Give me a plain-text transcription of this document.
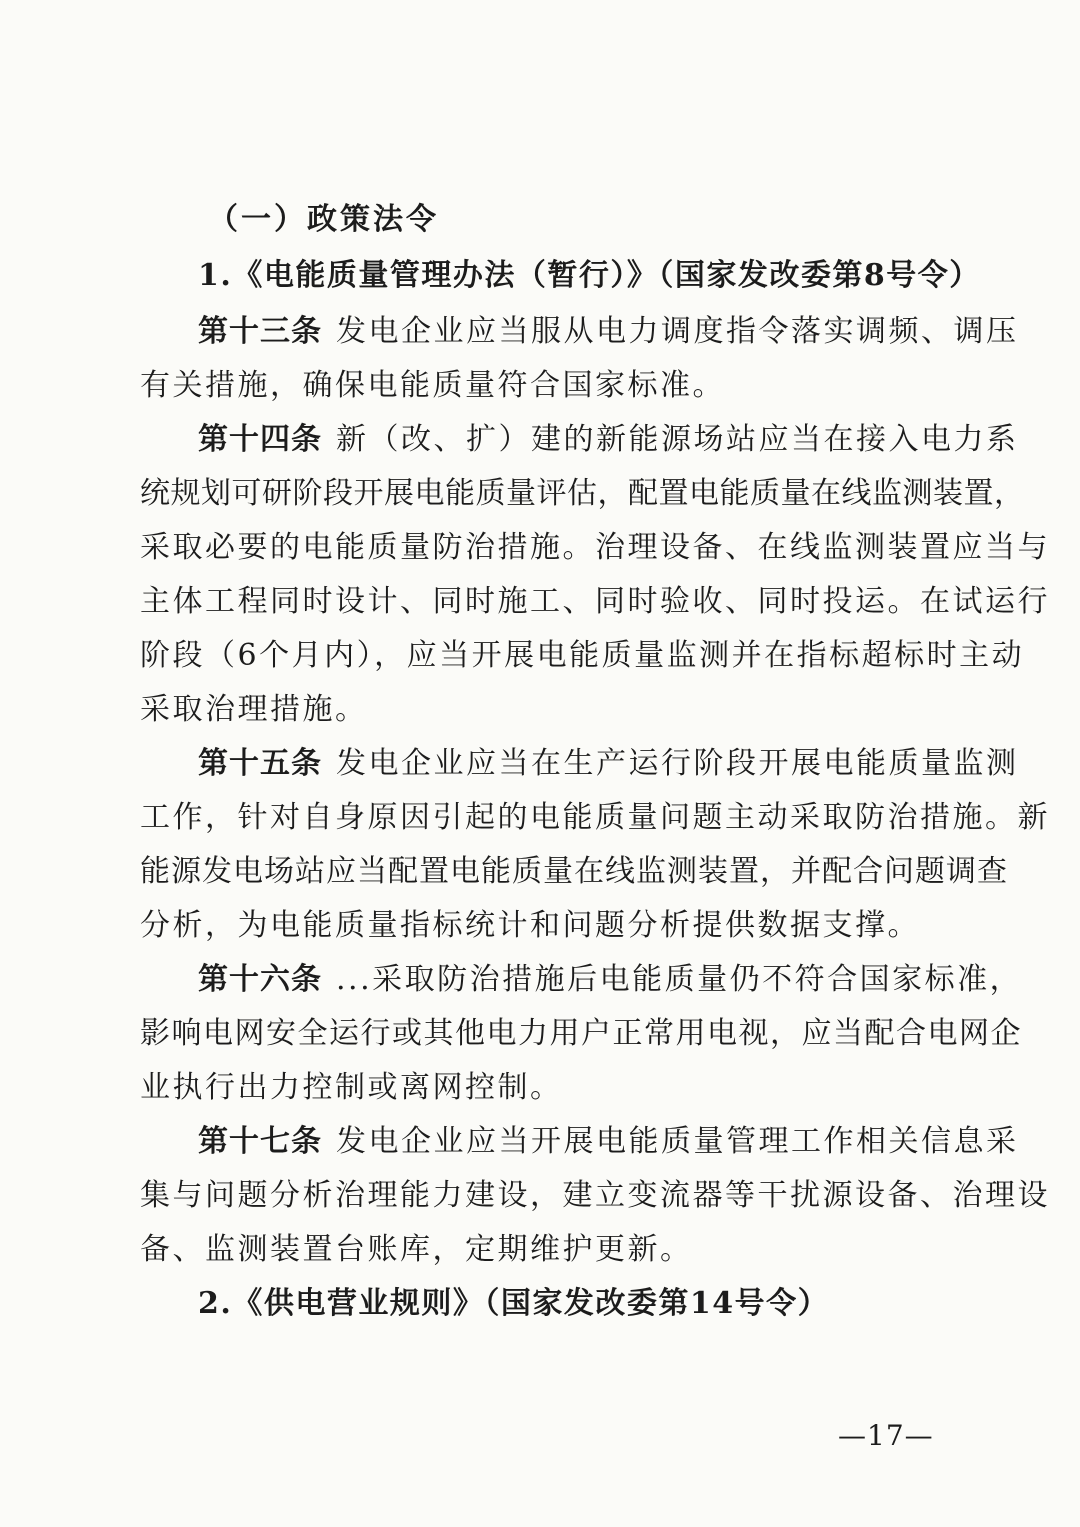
（一）政策法令
1.《电能质量管理办法（暂行）》（国家发改委第8号令）
第十三条 发电企业应当服从电力调度指令落实调频、调压
有关措施，确保电能质量符合国家标准。
第十四条 新（改、扩）建的新能源场站应当在接入电力系
统规划可研阶段开展电能质量评估，配置电能质量在线监测装置，
采取必要的电能质量防治措施。治理设备、在线监测装置应当与
主体工程同时设计、同时施工、同时验收、同时投运。在试运行
阶段（6个月内），应当开展电能质量监测并在指标超标时主动
采取治理措施。
第十五条 发电企业应当在生产运行阶段开展电能质量监测
工作，针对自身原因引起的电能质量问题主动采取防治措施。新
能源发电场站应当配置电能质量在线监测装置，并配合问题调查
分析，为电能质量指标统计和问题分析提供数据支撑。
第十六条 ...采取防治措施后电能质量仍不符合国家标准，
影响电网安全运行或其他电力用户正常用电视，应当配合电网企
业执行出力控制或离网控制。
第十七条 发电企业应当开展电能质量管理工作相关信息采
集与问题分析治理能力建设，建立变流器等干扰源设备、治理设
备、监测装置台账库，定期维护更新。
2.《供电营业规则》（国家发改委第14号令）
—17—
